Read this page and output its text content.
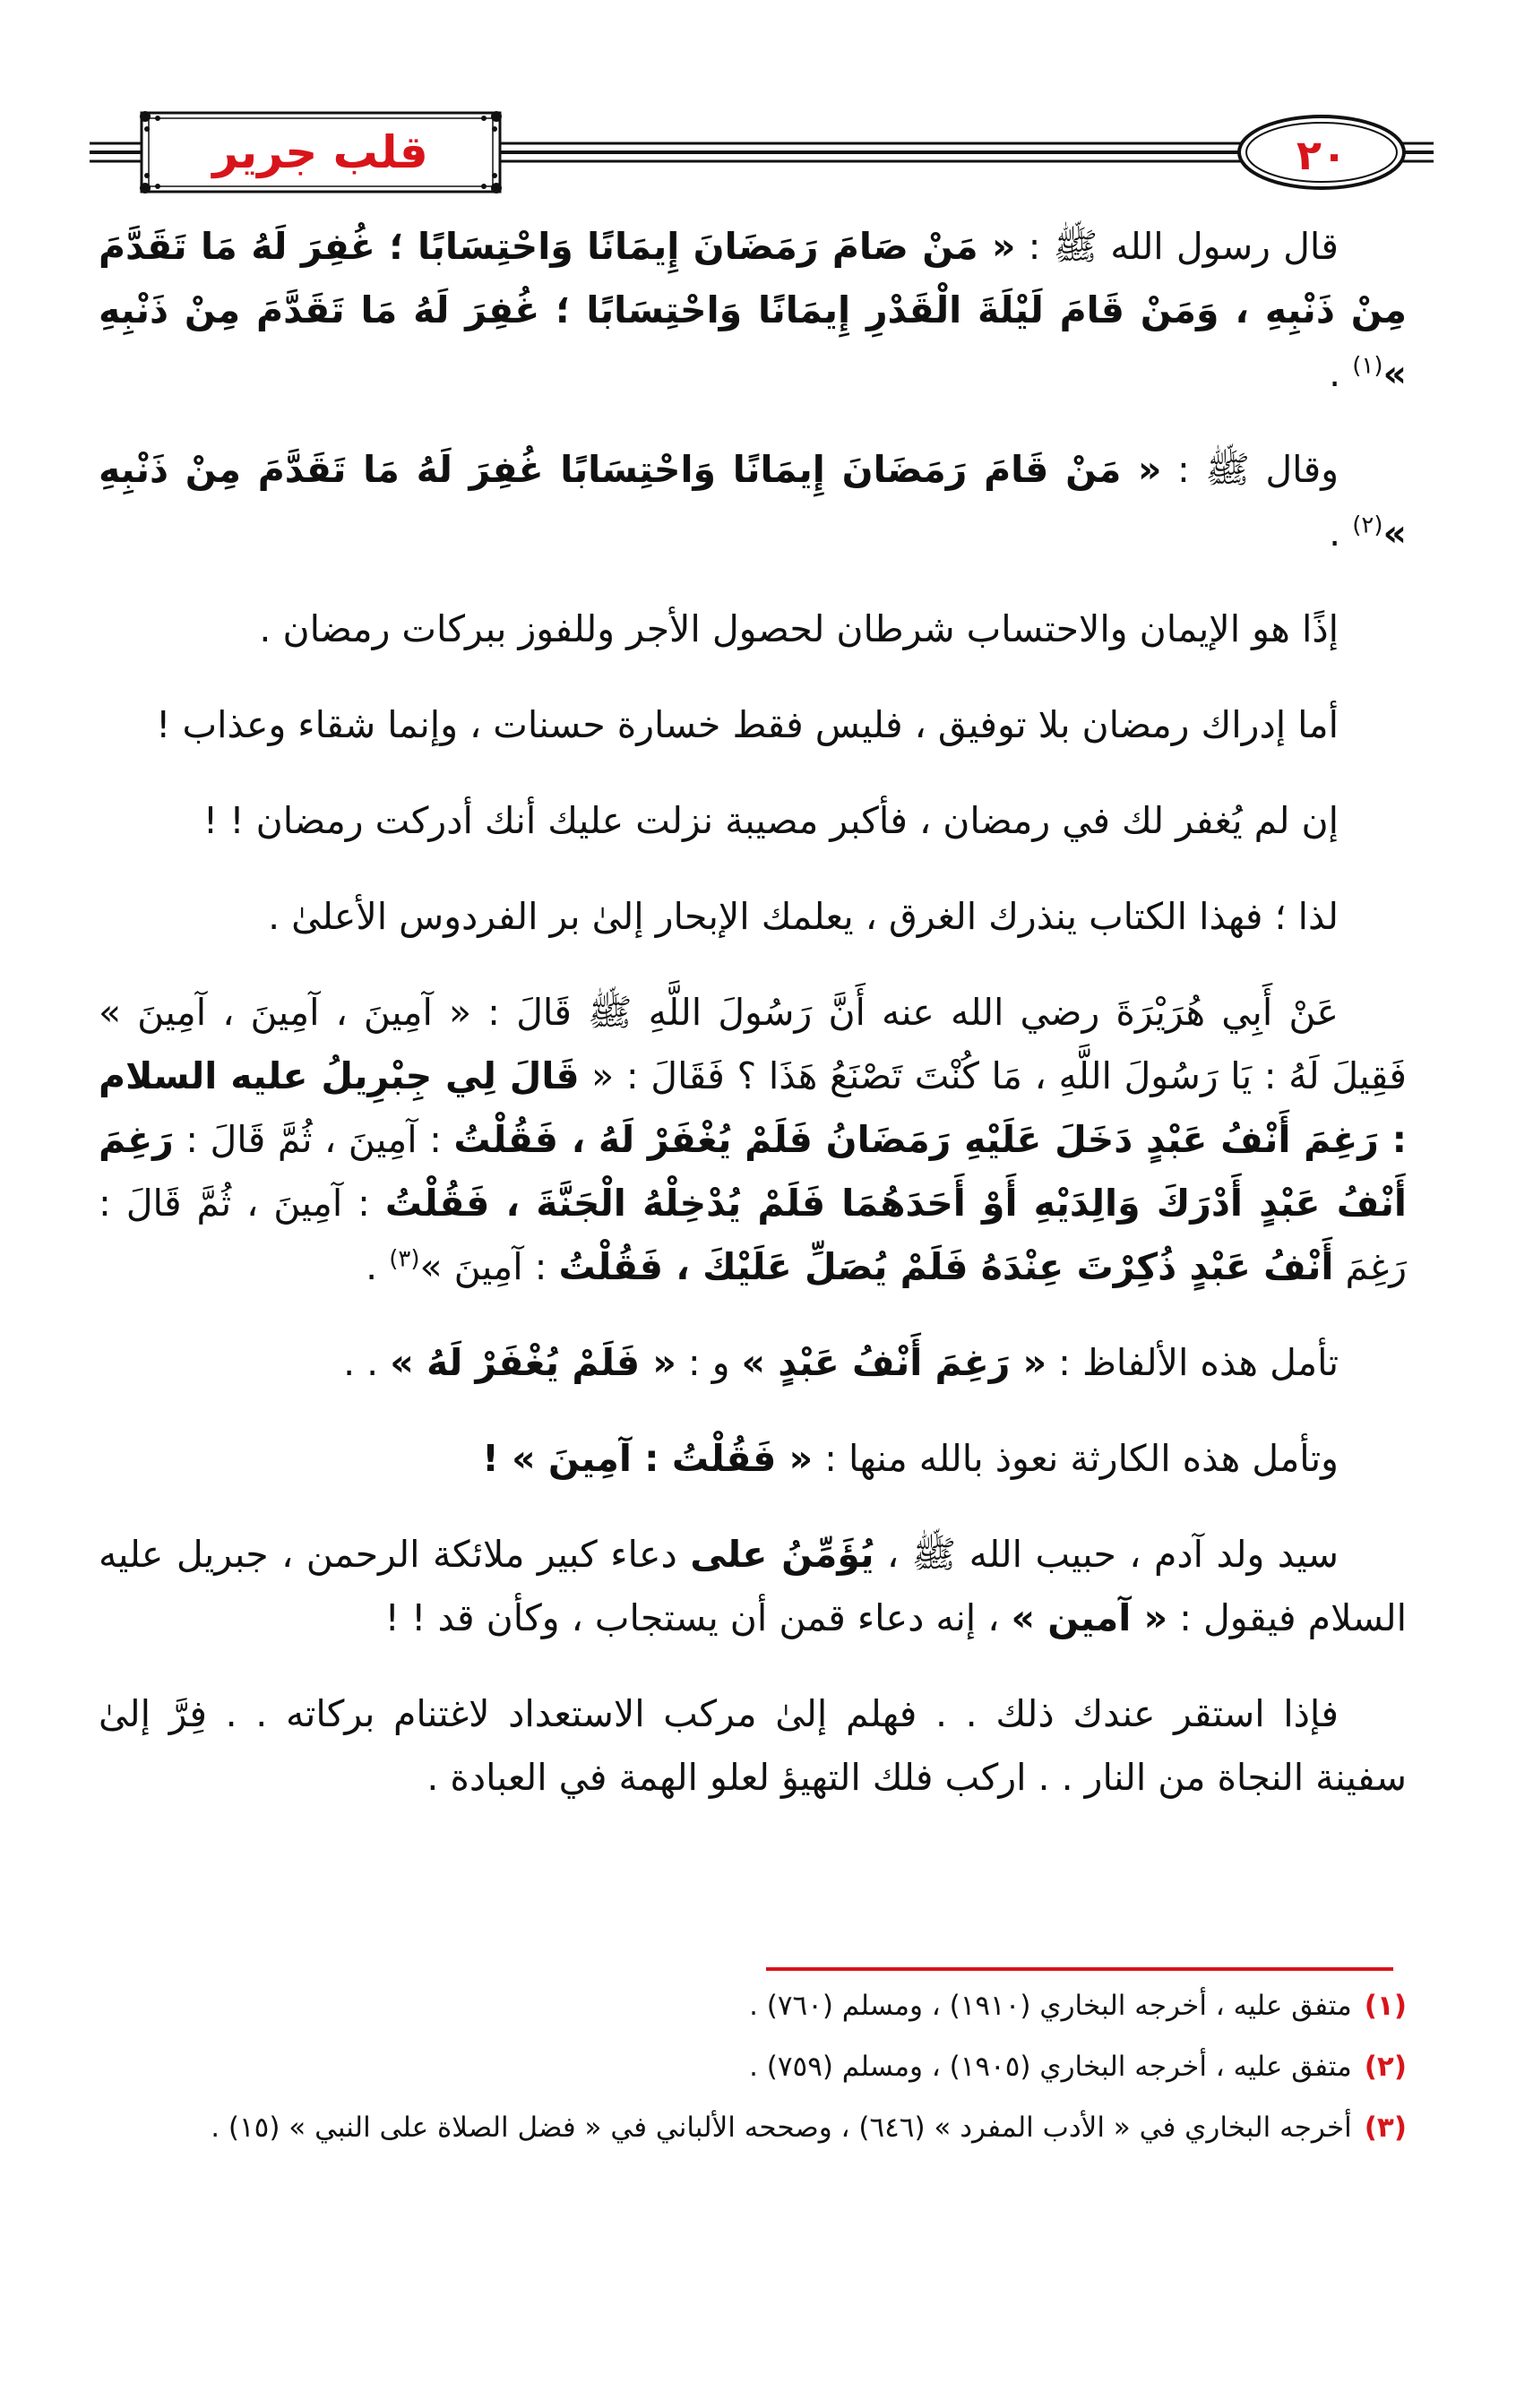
٢٠
قلب جرير

قال رسول الله ﷺ : « مَنْ صَامَ رَمَضَانَ إِيمَانًا وَاحْتِسَابًا ؛ غُفِرَ لَهُ مَا تَقَدَّمَ مِنْ ذَنْبِهِ ، وَمَنْ قَامَ لَيْلَةَ الْقَدْرِ إِيمَانًا وَاحْتِسَابًا ؛ غُفِرَ لَهُ مَا تَقَدَّمَ مِنْ ذَنْبِهِ »$^{(١)}$ .

وقال ﷺ : « مَنْ قَامَ رَمَضَانَ إِيمَانًا وَاحْتِسَابًا غُفِرَ لَهُ مَا تَقَدَّمَ مِنْ ذَنْبِهِ »$^{(٢)}$ .

إذًا هو الإيمان والاحتساب شرطان لحصول الأجر وللفوز ببركات رمضان .

أما إدراك رمضان بلا توفيق ، فليس فقط خسارة حسنات ، وإنما شقاء وعذاب !

إن لم يُغفر لك في رمضان ، فأكبر مصيبة نزلت عليك أنك أدركت رمضان ! !

لذا ؛ فهذا الكتاب ينذرك الغرق ، يعلمك الإبحار إلىٰ بر الفردوس الأعلىٰ .

عَنْ أَبِي هُرَيْرَةَ رضي الله عنه أَنَّ رَسُولَ اللَّهِ ﷺ قَالَ : « آمِينَ ، آمِينَ ، آمِينَ » فَقِيلَ لَهُ : يَا رَسُولَ اللَّهِ ، مَا كُنْتَ تَصْنَعُ هَذَا ؟ فَقَالَ : « قَالَ لِي جِبْرِيلُ عليه السلام : رَغِمَ أَنْفُ عَبْدٍ دَخَلَ عَلَيْهِ رَمَضَانُ فَلَمْ يُغْفَرْ لَهُ ، فَقُلْتُ : آمِينَ ، ثُمَّ قَالَ : رَغِمَ أَنْفُ عَبْدٍ أَدْرَكَ وَالِدَيْهِ أَوْ أَحَدَهُمَا فَلَمْ يُدْخِلْهُ الْجَنَّةَ ، فَقُلْتُ : آمِينَ ، ثُمَّ قَالَ : رَغِمَ أَنْفُ عَبْدٍ ذُكِرْتَ عِنْدَهُ فَلَمْ يُصَلِّ عَلَيْكَ ، فَقُلْتُ : آمِينَ »$^{(٣)}$ .

تأمل هذه الألفاظ : « رَغِمَ أَنْفُ عَبْدٍ » و : « فَلَمْ يُغْفَرْ لَهُ » . .

وتأمل هذه الكارثة نعوذ بالله منها : « فَقُلْتُ : آمِينَ » !

سيد ولد آدم ، حبيب الله ﷺ ، يُؤَمِّنُ على دعاء كبير ملائكة الرحمن ، جبريل عليه السلام فيقول : « آمين » ، إنه دعاء قمن أن يستجاب ، وكأن قد ! !

فإذا استقر عندك ذلك . . فهلم إلىٰ مركب الاستعداد لاغتنام بركاته . . فِرَّ إلىٰ سفينة النجاة من النار . . اركب فلك التهيؤ لعلو الهمة في العبادة .

(١)متفق عليه ، أخرجه البخاري (١٩١٠) ، ومسلم (٧٦٠) .
(٢)متفق عليه ، أخرجه البخاري (١٩٠٥) ، ومسلم (٧٥٩) .
(٣)أخرجه البخاري في « الأدب المفرد » (٦٤٦) ، وصححه الألباني في « فضل الصلاة على النبي » (١٥) .
